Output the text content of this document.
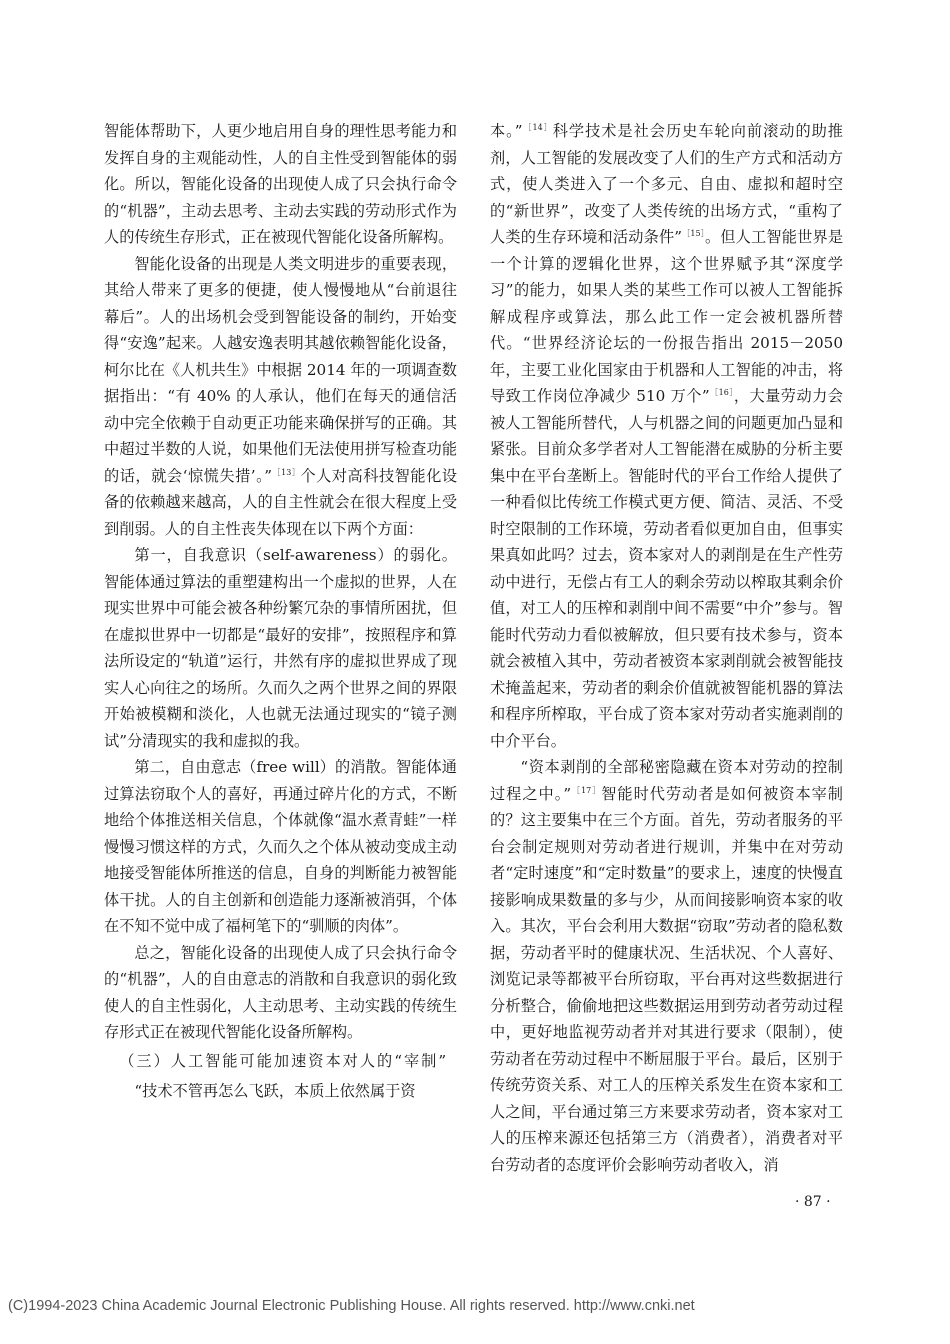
智能体帮助下，人更少地启用自身的理性思考能力和发挥自身的主观能动性，人的自主性受到智能体的弱化。所以，智能化设备的出现使人成了只会执行命令的“机器”，主动去思考、主动去实践的劳动形式作为人的传统生存形式，正在被现代智能化设备所解构。

智能化设备的出现是人类文明进步的重要表现，其给人带来了更多的便捷，使人慢慢地从“台前退往幕后”。人的出场机会受到智能设备的制约，开始变得“安逸”起来。人越安逸表明其越依赖智能化设备，柯尔比在《人机共生》中根据 2014 年的一项调查数据指出：“有 40% 的人承认，他们在每天的通信活动中完全依赖于自动更正功能来确保拼写的正确。其中超过半数的人说，如果他们无法使用拼写检查功能的话，就会‘惊慌失措’。”$^{[13]}$个人对高科技智能化设备的依赖越来越高，人的自主性就会在很大程度上受到削弱。人的自主性丧失体现在以下两个方面：

第一，自我意识（self-awareness）的弱化。智能体通过算法的重塑建构出一个虚拟的世界，人在现实世界中可能会被各种纷繁冗杂的事情所困扰，但在虚拟世界中一切都是“最好的安排”，按照程序和算法所设定的“轨道”运行，井然有序的虚拟世界成了现实人心向往之的场所。久而久之两个世界之间的界限开始被模糊和淡化，人也就无法通过现实的“镜子测试”分清现实的我和虚拟的我。

第二，自由意志（free will）的消散。智能体通过算法窃取个人的喜好，再通过碎片化的方式，不断地给个体推送相关信息，个体就像“温水煮青蛙”一样慢慢习惯这样的方式，久而久之个体从被动变成主动地接受智能体所推送的信息，自身的判断能力被智能体干扰。人的自主创新和创造能力逐渐被消弭，个体在不知不觉中成了福柯笔下的“驯顺的肉体”。

总之，智能化设备的出现使人成了只会执行命令的“机器”，人的自由意志的消散和自我意识的弱化致使人的自主性弱化，人主动思考、主动实践的传统生存形式正在被现代智能化设备所解构。

（三）人工智能可能加速资本对人的“宰制”

“技术不管再怎么飞跃，本质上依然属于资

本。”$^{[14]}$科学技术是社会历史车轮向前滚动的助推剂，人工智能的发展改变了人们的生产方式和活动方式，使人类进入了一个多元、自由、虚拟和超时空的“新世界”，改变了人类传统的出场方式，“重构了人类的生存环境和活动条件”$^{[15]}$。但人工智能世界是一个计算的逻辑化世界，这个世界赋予其“深度学习”的能力，如果人类的某些工作可以被人工智能拆解成程序或算法，那么此工作一定会被机器所替代。“世界经济论坛的一份报告指出 2015－2050 年，主要工业化国家由于机器和人工智能的冲击，将导致工作岗位净减少 510 万个”$^{[16]}$，大量劳动力会被人工智能所替代，人与机器之间的问题更加凸显和紧张。目前众多学者对人工智能潜在威胁的分析主要集中在平台垄断上。智能时代的平台工作给人提供了一种看似比传统工作模式更方便、简洁、灵活、不受时空限制的工作环境，劳动者看似更加自由，但事实果真如此吗？过去，资本家对人的剥削是在生产性劳动中进行，无偿占有工人的剩余劳动以榨取其剩余价值，对工人的压榨和剥削中间不需要“中介”参与。智能时代劳动力看似被解放，但只要有技术参与，资本就会被植入其中，劳动者被资本家剥削就会被智能技术掩盖起来，劳动者的剩余价值就被智能机器的算法和程序所榨取，平台成了资本家对劳动者实施剥削的中介平台。

“资本剥削的全部秘密隐藏在资本对劳动的控制过程之中。”$^{[17]}$智能时代劳动者是如何被资本宰制的？这主要集中在三个方面。首先，劳动者服务的平台会制定规则对劳动者进行规训，并集中在对劳动者“定时速度”和“定时数量”的要求上，速度的快慢直接影响成果数量的多与少，从而间接影响资本家的收入。其次，平台会利用大数据“窃取”劳动者的隐私数据，劳动者平时的健康状况、生活状况、个人喜好、浏览记录等都被平台所窃取，平台再对这些数据进行分析整合，偷偷地把这些数据运用到劳动者劳动过程中，更好地监视劳动者并对其进行要求（限制），使劳动者在劳动过程中不断屈服于平台。最后，区别于传统劳资关系、对工人的压榨关系发生在资本家和工人之间，平台通过第三方来要求劳动者，资本家对工人的压榨来源还包括第三方（消费者），消费者对平台劳动者的态度评价会影响劳动者收入，消

· 87 ·
(C)1994-2023 China Academic Journal Electronic Publishing House. All rights reserved. http://www.cnki.net
